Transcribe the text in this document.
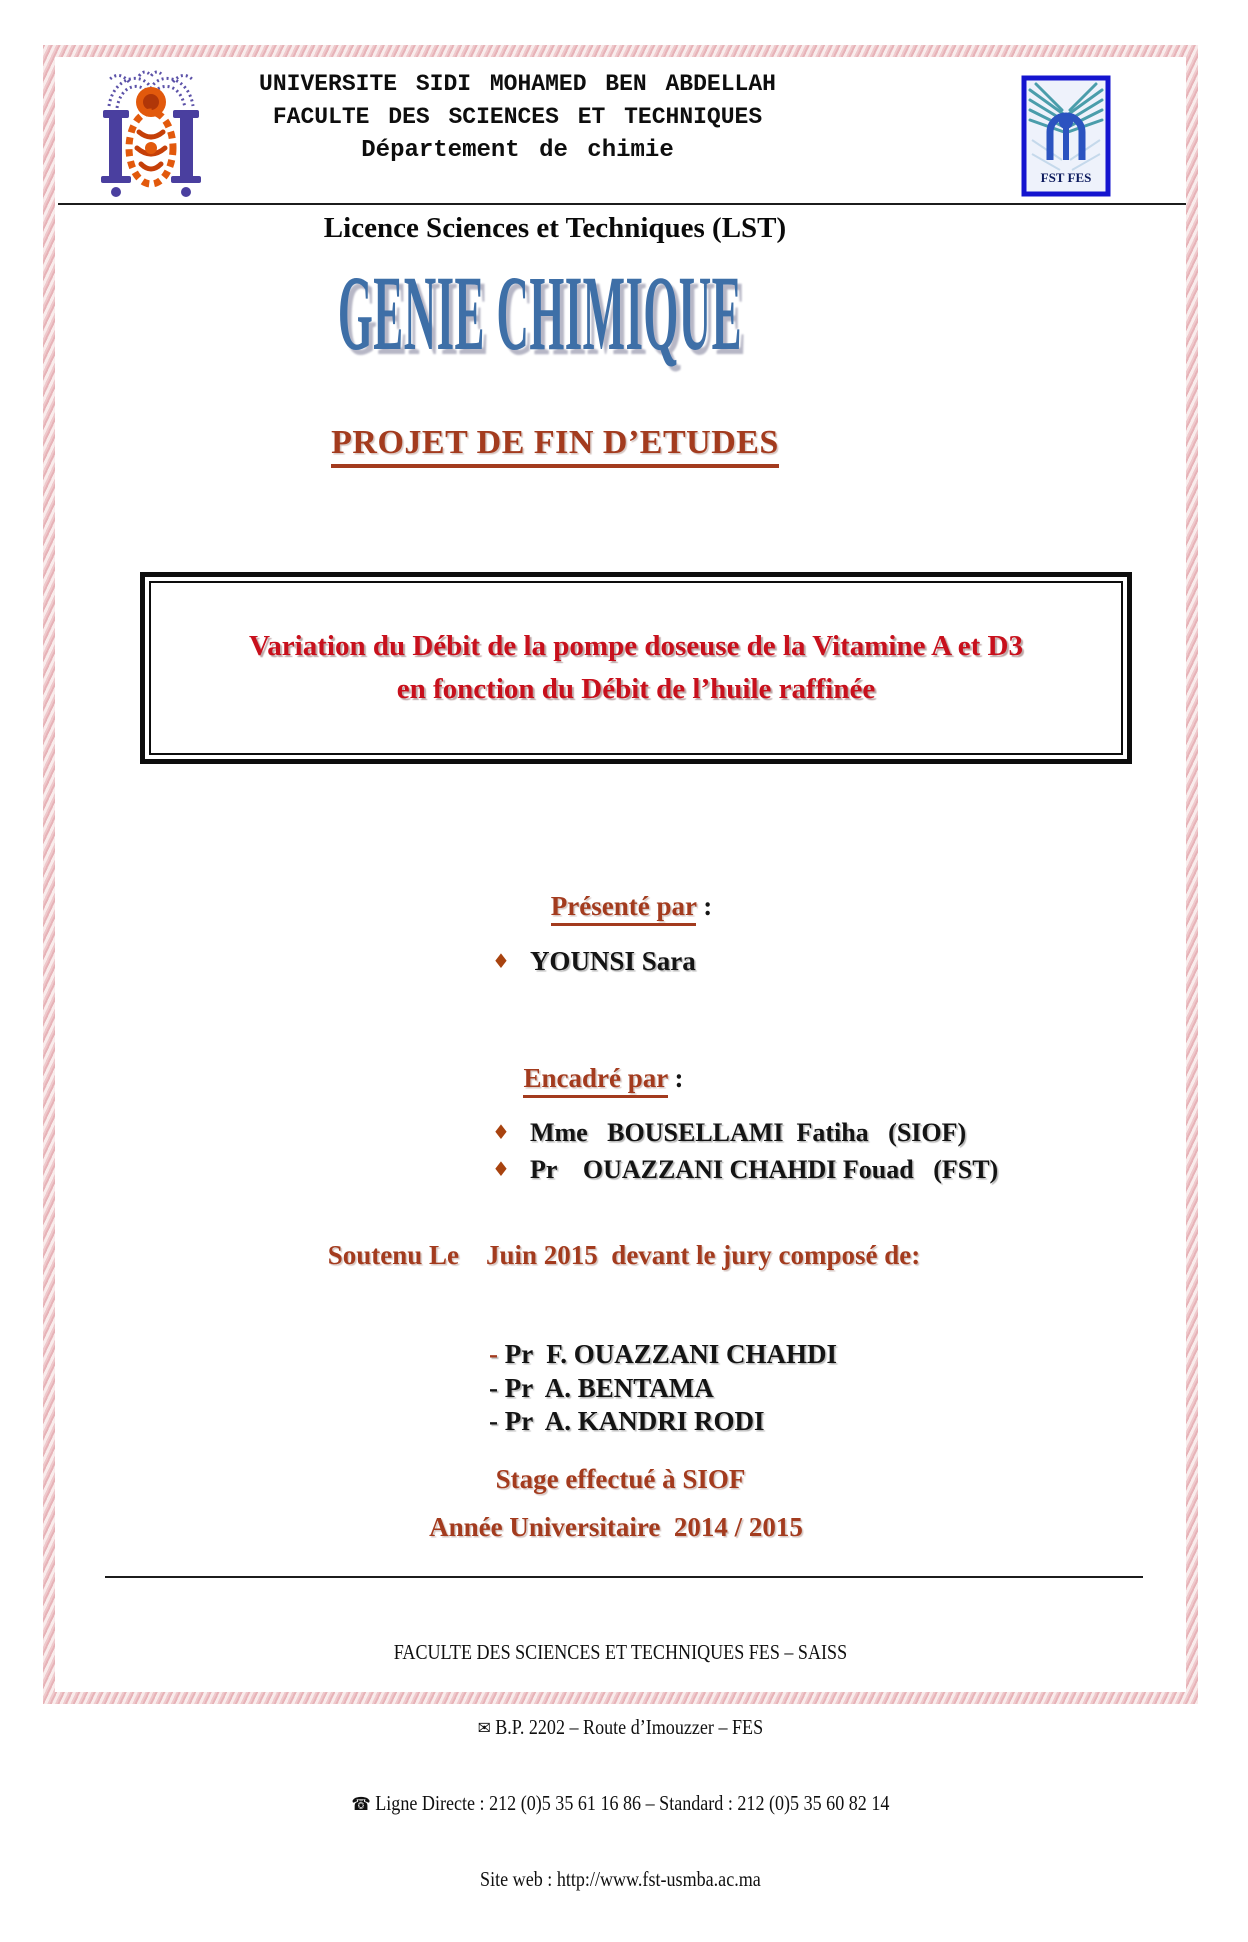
UNIVERSITE SIDI MOHAMED BEN ABDELLAH
FACULTE DES SCIENCES ET TECHNIQUES
Département de chimie
FST FES
Licence Sciences et Techniques (LST)
GENIE CHIMIQUE
PROJET DE FIN D’ETUDES
Variation du Débit de la pompe doseuse de la Vitamine A et D3
en fonction du Débit de l’huile raffinée

Présenté par :

♦ YOUNSI Sara

Encadré par :

♦ Mme   BOUSELLAMI  Fatiha   (SIOF)

♦ Pr    OUAZZANI CHAHDI Fouad   (FST)

Soutenu Le    Juin 2015  devant le jury composé de:

- Pr  F. OUAZZANI CHAHDI

- Pr  A. BENTAMA

- Pr  A. KANDRI RODI

Stage effectué à SIOF
Année Universitaire  2014 / 2015

FACULTE DES SCIENCES ET TECHNIQUES FES – SAISS

✉ B.P. 2202 – Route d’Imouzzer – FES

☎ Ligne Directe : 212 (0)5 35 61 16 86 – Standard : 212 (0)5 35 60 82 14

Site web : http://www.fst-usmba.ac.ma
